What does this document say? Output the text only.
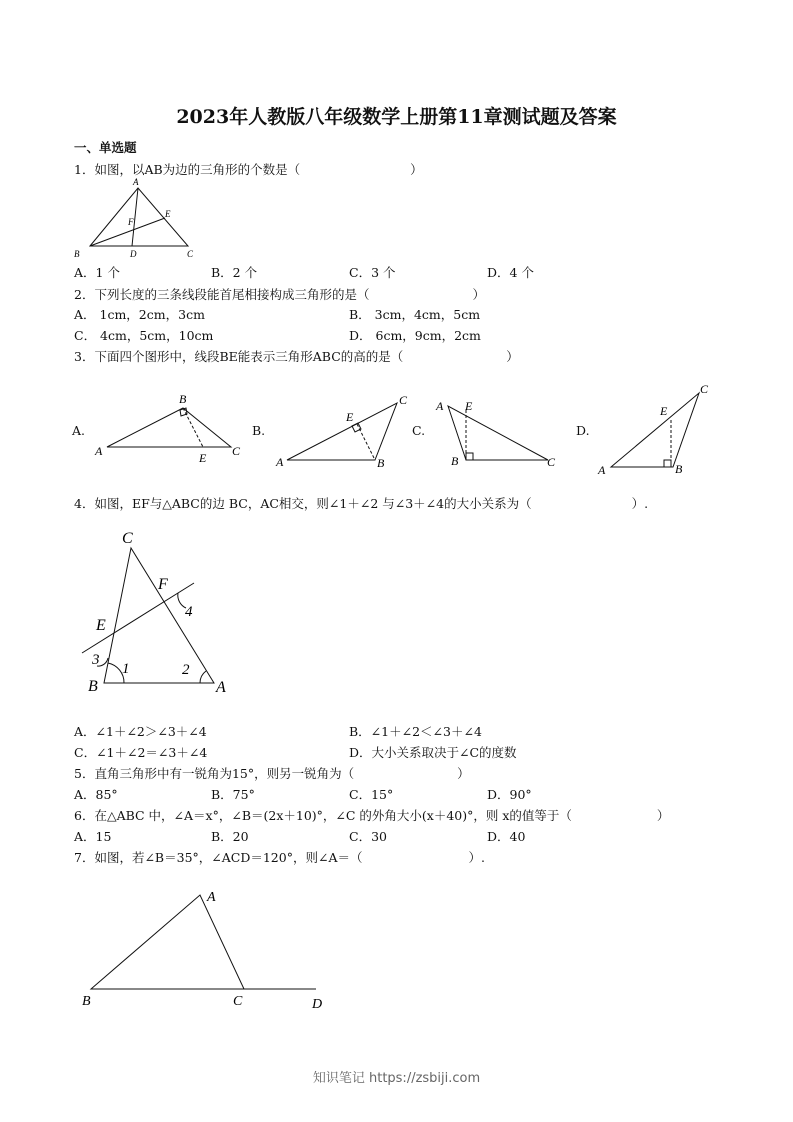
2023年人教版八年级数学上册第11章测试题及答案
一、单选题
1．如图，以AB为边的三角形的个数是（	）
A
B	C
D
E
F
A．1 个	B．2 个	C．3 个	D．4 个
2．下列长度的三条线段能首尾相接构成三角形的是（	）
A． 1cm，2cm，3cm	B． 3cm，4cm，5cm
C． 4cm，5cm，10cm	D． 6cm，9cm，2cm
3．下面四个图形中，线段BE能表示三角形ABC的高的是（	）
A.	B.	C.	D.
A
B
C
E	A	B
C
E
A
B	C
E
A	B
C
E
4．如图，EF与△ABC的边 BC，AC相交，则∠1＋∠2 与∠3＋∠4的大小关系为（	）.
C
F
E
B	A
1	2
3
4
A．∠1＋∠2＞∠3＋∠4	B．∠1＋∠2＜∠3＋∠4
C．∠1＋∠2＝∠3＋∠4	D．大小关系取决于∠C的度数
5．直角三角形中有一锐角为15°，则另一锐角为（	）
A．85°	B．75°	C．15°	D．90°
6．在△ABC 中，∠A＝x°，∠B＝(2x＋10)°，∠C 的外角大小(x＋40)°，则 x的值等于（	）
A．15	B．20	C．30	D．40
7．如图，若∠B＝35°，∠ACD＝120°，则∠A＝（	）.
A
B	C	D
知识笔记 https://zsbiji.com
